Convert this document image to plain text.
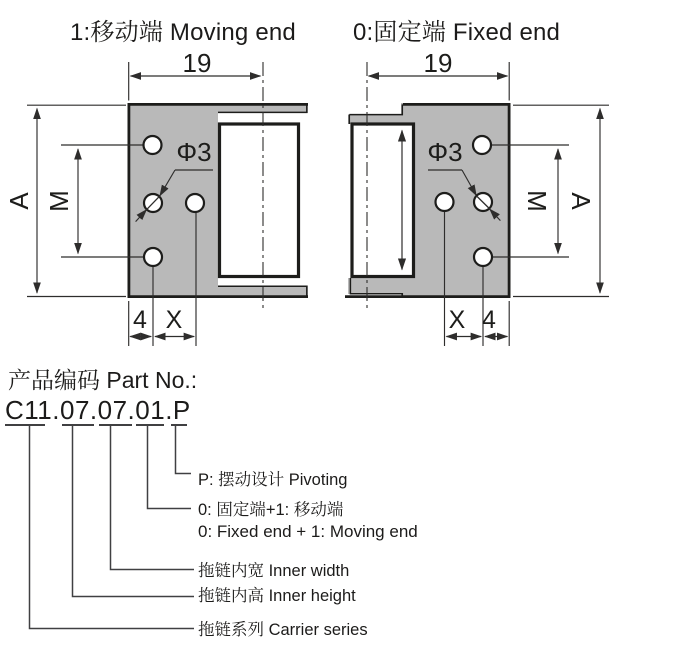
1:移动端 Moving end 0:固定端 Fixed end
19	19
A M	M A
Φ3	Φ3
4 X	X 4
产品编码 Part No.:
C11.07.07.01.P
P: 摆动设计 Pivoting
0: 固定端+1: 移动端
0: Fixed end + 1: Moving end
拖链内宽 Inner width
拖链内高 Inner height
拖链系列 Carrier series
